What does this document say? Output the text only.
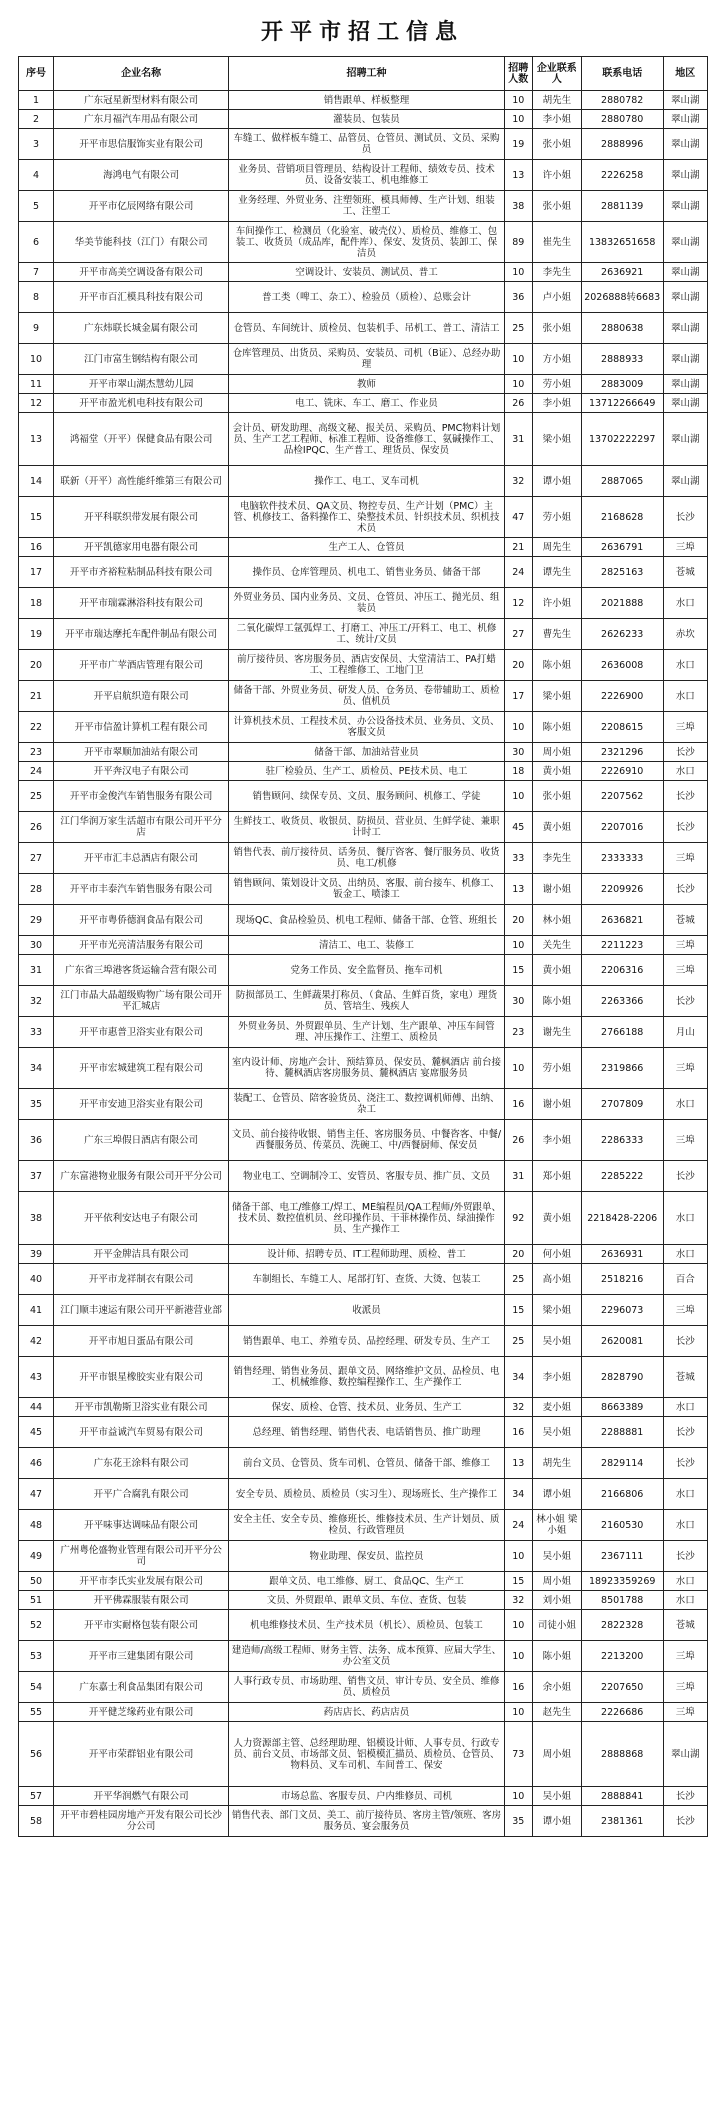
开平市招工信息
序号	企业名称	招聘工种	招聘人数	企业联系人	联系电话	地区
1	广东冠星新型材料有限公司	销售跟单、样板整理	10	胡先生	2880782	翠山湖
2	广东月福汽车用品有限公司	灌装员、包装员	10	李小姐	2880780	翠山湖
3	开平市思信服饰实业有限公司	车缝工、做样板车缝工、品管员、仓管员、测试员、文员、采购员	19	张小姐	2888996	翠山湖
4	海鸿电气有限公司	业务员、营销项目管理员、结构设计工程师、绩效专员、技术员、设备安装工、机电维修工	13	许小姐	2226258	翠山湖
5	开平市亿辰网络有限公司	业务经理、外贸业务、注塑领班、模具师傅、生产计划、组装工、注塑工	38	张小姐	2881139	翠山湖
6	华美节能科技（江门）有限公司	车间操作工、检测员（化验室、破壳仪）、质检员、维修工、包装工、收货员（成品库，配件库）、保安、发货员、装卸工、保洁员	89	崔先生	13832651658	翠山湖
7	开平市高美空调设备有限公司	空调设计、安装员、测试员、普工	10	李先生	2636921	翠山湖
8	开平市百汇模具科技有限公司	普工类（啤工、杂工）、检验员（质检）、总账会计	36	卢小姐	2026888转6683	翠山湖
9	广东炜联长城金属有限公司	仓管员、车间统计、质检员、包装机手、吊机工、普工、清洁工	25	张小姐	2880638	翠山湖
10	江门市富生钢结构有限公司	仓库管理员、出货员、采购员、安装员、司机（B证）、总经办助理	10	方小姐	2888933	翠山湖
11	开平市翠山湖杰慧幼儿园	教师	10	劳小姐	2883009	翠山湖
12	开平市盈光机电科技有限公司	电工、铣床、车工、磨工、作业员	26	李小姐	13712266649	翠山湖
13	鸿福堂（开平）保健食品有限公司	会计员、研发助理、高级文秘、报关员、采购员、PMC物料计划员、生产工艺工程师、标准工程师、设备维修工、氨碱操作工、品检IPQC、生产普工、理货员、保安员	31	梁小姐	13702222297	翠山湖
14	联新（开平）高性能纤维第三有限公司	操作工、电工、叉车司机	32	谭小姐	2887065	翠山湖
15	开平科联织带发展有限公司	电脑软件技术员、QA文员、物控专员、生产计划（PMC）主管、机修技工、备料操作工、染整技术员、针织技术员、织机技术员	47	劳小姐	2168628	长沙
16	开平凯德家用电器有限公司	生产工人、仓管员	21	周先生	2636791	三埠
17	开平市齐裕粒粘制品科技有限公司	操作员、仓库管理员、机电工、销售业务员、储备干部	24	谭先生	2825163	苍城
18	开平市瑞霖淋浴科技有限公司	外贸业务员、国内业务员、文员、仓管员、冲压工、抛光员、组装员	12	许小姐	2021888	水口
19	开平市瑞达摩托车配件制品有限公司	二氧化碳焊工氩弧焊工、打磨工、冲压工/开料工、电工、机修工、统计/文员	27	曹先生	2626233	赤坎
20	开平市广苹酒店管理有限公司	前厅接待员、客房服务员、酒店安保员、大堂清洁工、PA打蜡工、工程维修工、工地门卫	20	陈小姐	2636008	水口
21	开平启航织造有限公司	储备干部、外贸业务员、研发人员、仓务员、卷带辅助工、质检员、值机员	17	梁小姐	2226900	水口
22	开平市信盈计算机工程有限公司	计算机技术员、工程技术员、办公设备技术员、业务员、文员、客服文员	10	陈小姐	2208615	三埠
23	开平市翠顺加油站有限公司	储备干部、加油站营业员	30	周小姐	2321296	长沙
24	开平奔汉电子有限公司	驻厂检验员、生产工、质检员、PE技术员、电工	18	黄小姐	2226910	水口
25	开平市金俊汽车销售服务有限公司	销售顾问、续保专员、文员、服务顾问、机修工、学徒	10	张小姐	2207562	长沙
26	江门华润万家生活超市有限公司开平分店	生鲜技工、收货员、收银员、防损员、营业员、生鲜学徒、兼职计时工	45	黄小姐	2207016	长沙
27	开平市汇丰总酒店有限公司	销售代表、前厅接待员、话务员、餐厅咨客、餐厅服务员、收货员、电工/机修	33	李先生	2333333	三埠
28	开平市丰泰汽车销售服务有限公司	销售顾问、策划设计文员、出纳员、客服、前台接车、机修工、钣金工、喷漆工	13	谢小姐	2209926	长沙
29	开平市粤侨德润食品有限公司	现场QC、食品检验员、机电工程师、储备干部、仓管、班组长	20	林小姐	2636821	苍城
30	开平市光亮清洁服务有限公司	清洁工、电工、装修工	10	关先生	2211223	三埠
31	广东省三埠港客货运输合营有限公司	党务工作员、安全监督员、拖车司机	15	黄小姐	2206316	三埠
32	江门市晶大晶超级购物广场有限公司开平汇城店	防损部员工、生鲜蔬果打称员、（食品、生鲜百货，家电）理货员、管培生、残疾人	30	陈小姐	2263366	长沙
33	开平市惠普卫浴实业有限公司	外贸业务员、外贸跟单员、生产计划、生产跟单、冲压车间管理、冲压操作工、注塑工、质检员	23	谢先生	2766188	月山
34	开平市宏城建筑工程有限公司	室内设计师、房地产会计、预结算员、保安员、麓枫酒店 前台接待、麓枫酒店客房服务员、麓枫酒店 宴席服务员	10	劳小姐	2319866	三埠
35	开平市安迪卫浴实业有限公司	装配工、仓管员、陪客验货员、浇注工、数控调机师傅、出纳、杂工	16	谢小姐	2707809	水口
36	广东三埠假日酒店有限公司	文员、前台接待收银、销售主任、客房服务员、中餐咨客、中餐/西餐服务员、传菜员、洗碗工、中/西餐厨师、保安员	26	李小姐	2286333	三埠
37	广东富港物业服务有限公司开平分公司	物业电工、空调制冷工、安管员、客服专员、推广员、文员	31	郑小姐	2285222	长沙
38	开平依利安达电子有限公司	储备干部、电工/维修工/焊工、ME编程员/QA工程师/外贸跟单、技术员、数控值机员、丝印操作员、干菲林操作员、绿油操作员、生产操作工	92	黄小姐	2218428-2206	水口
39	开平金牌洁具有限公司	设计师、招聘专员、IT工程师助理、质检、普工	20	何小姐	2636931	水口
40	开平市龙祥制衣有限公司	车制组长、车缝工人、尾部打钉、查货、大烫、包装工	25	高小姐	2518216	百合
41	江门顺丰速运有限公司开平新港营业部	收派员	15	梁小姐	2296073	三埠
42	开平市旭日蛋品有限公司	销售跟单、电工、养殖专员、品控经理、研发专员、生产工	25	吴小姐	2620081	长沙
43	开平市银星橡胶实业有限公司	销售经理、销售业务员、跟单文员、网络维护文员、品检员、电工、机械维修、数控编程操作工、生产操作工	34	李小姐	2828790	苍城
44	开平市凯勒斯卫浴实业有限公司	保安、质检、仓管、技术员、业务员、生产工	32	麦小姐	8663389	水口
45	开平市益诚汽车贸易有限公司	总经理、销售经理、销售代表、电话销售员、推广助理	16	吴小姐	2288881	长沙
46	广东花王涂料有限公司	前台文员、仓管员、货车司机、仓管员、储备干部、维修工	13	胡先生	2829114	长沙
47	开平广合腐乳有限公司	安全专员、质检员、质检员（实习生）、现场班长、生产操作工	34	谭小姐	2166806	水口
48	开平味事达调味品有限公司	安全主任、安全专员、维修班长、维修技术员、生产计划员、质检员、行政管理员	24	林小姐 梁小姐	2160530	水口
49	广州粤伦盛物业管理有限公司开平分公司	物业助理、保安员、监控员	10	吴小姐	2367111	长沙
50	开平市李氏实业发展有限公司	跟单文员、电工维修、厨工、食品QC、生产工	15	周小姐	18923359269	水口
51	开平佛霖服装有限公司	文员、外贸跟单、跟单文员、车位、查货、包装	32	刘小姐	8501788	水口
52	开平市实耐格包装有限公司	机电维修技术员、生产技术员（机长）、质检员、包装工	10	司徒小姐	2822328	苍城
53	开平市三建集团有限公司	建造师/高级工程师、财务主管、法务、成本预算、应届大学生、办公室文员	10	陈小姐	2213200	三埠
54	广东嘉士利食品集团有限公司	人事行政专员、市场助理、销售文员、审计专员、安全员、维修员、质检员	16	余小姐	2207650	三埠
55	开平健芝缘药业有限公司	药店店长、药店店员	10	赵先生	2226686	三埠
56	开平市荣群铝业有限公司	人力资源部主管、总经理助理、铝模设计师、人事专员、行政专员、前台文员、市场部文员、铝模模汇描员、质检员、仓管员、物料员、叉车司机、车间普工、保安	73	周小姐	2888868	翠山湖
57	开平华润燃气有限公司	市场总监、客服专员、户内维修员、司机	10	吴小姐	2888841	长沙
58	开平市碧桂园房地产开发有限公司长沙分公司	销售代表、部门文员、美工、前厅接待员、客房主管/领班、客房服务员、宴会服务员	35	谭小姐	2381361	长沙
